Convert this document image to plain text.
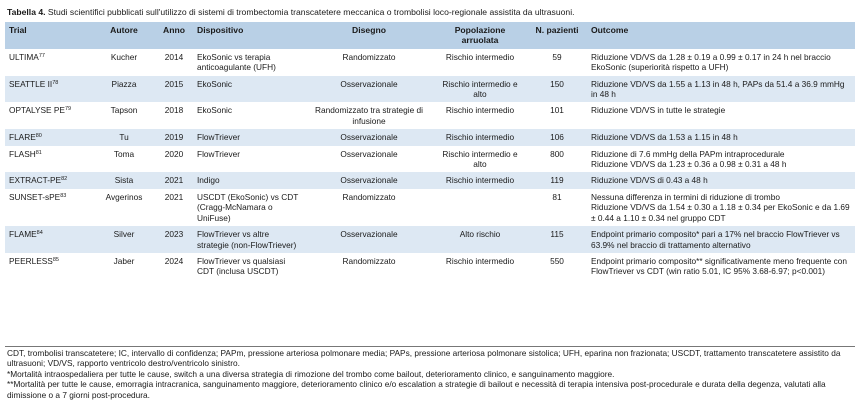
Tabella 4. Studi scientifici pubblicati sull'utilizzo di sistemi di trombectomia transcatetere meccanica o trombolisi loco-regionale assistita da ultrasuoni.
Trial	Autore	Anno	Dispositivo	Disegno	Popolazione arruolata	N. pazienti	Outcome
ULTIMA$^{77}$	Kucher	2014	EkoSonic vs terapia anticoagulante (UFH)	Randomizzato	Rischio intermedio	59	Riduzione VD/VS da 1.28 ± 0.19 a 0.99 ± 0.17 in 24 h nel braccio EkoSonic (superiorità rispetto a UFH)
SEATTLE II$^{78}$	Piazza	2015	EkoSonic	Osservazionale	Rischio intermedio e alto	150	Riduzione VD/VS da 1.55 a 1.13 in 48 h, PAPs da 51.4 a 36.9 mmHg in 48 h
OPTALYSE PE$^{79}$	Tapson	2018	EkoSonic	Randomizzato tra strategie di infusione	Rischio intermedio	101	Riduzione VD/VS in tutte le strategie
FLARE$^{80}$	Tu	2019	FlowTriever	Osservazionale	Rischio intermedio	106	Riduzione VD/VS da 1.53 a 1.15 in 48 h
FLASH$^{81}$	Toma	2020	FlowTriever	Osservazionale	Rischio intermedio e alto	800	Riduzione di 7.6 mmHg della PAPm intraprocedurale
Riduzione VD/VS da 1.23 ± 0.36 a 0.98 ± 0.31 a 48 h

EXTRACT-PE$^{82}$	Sista	2021	Indigo	Osservazionale	Rischio intermedio	119	Riduzione VD/VS di 0.43 a 48 h
SUNSET-sPE$^{83}$	Avgerinos	2021	USCDT (EkoSonic) vs CDT (Cragg-McNamara o UniFuse)	Randomizzato		81	Nessuna differenza in termini di riduzione di trombo
Riduzione VD/VS da 1.54 ± 0.30 a 1.18 ± 0.34 per EkoSonic e da 1.69 ± 0.44 a 1.10 ± 0.34 nel gruppo CDT

FLAME$^{84}$	Silver	2023	FlowTriever vs altre strategie (non-FlowTriever)	Osservazionale	Alto rischio	115	Endpoint primario composito* pari a 17% nel braccio FlowTriever vs 63.9% nel braccio di trattamento alternativo
PEERLESS$^{85}$	Jaber	2024	FlowTriever vs qualsiasi CDT (inclusa USCDT)	Randomizzato	Rischio intermedio	550	Endpoint primario composito** significativamente meno frequente con FlowTriever vs CDT (win ratio 5.01, IC 95% 3.68-6.97; p<0.001)
CDT, trombolisi transcatetere; IC, intervallo di confidenza; PAPm, pressione arteriosa polmonare media; PAPs, pressione arteriosa polmonare sistolica; UFH, eparina non frazionata; USCDT, trattamento transcatetere assistito da ultrasuoni; VD/VS, rapporto ventricolo destro/ventricolo sinistro.
*Mortalità intraospedaliera per tutte le cause, switch a una diversa strategia di rimozione del trombo come bailout, deterioramento clinico, e sanguinamento maggiore.
**Mortalità per tutte le cause, emorragia intracranica, sanguinamento maggiore, deterioramento clinico e/o escalation a strategie di bailout e necessità di terapia intensiva post-procedurale e durata della degenza, valutati alla dimissione o a 7 giorni post-procedura.
